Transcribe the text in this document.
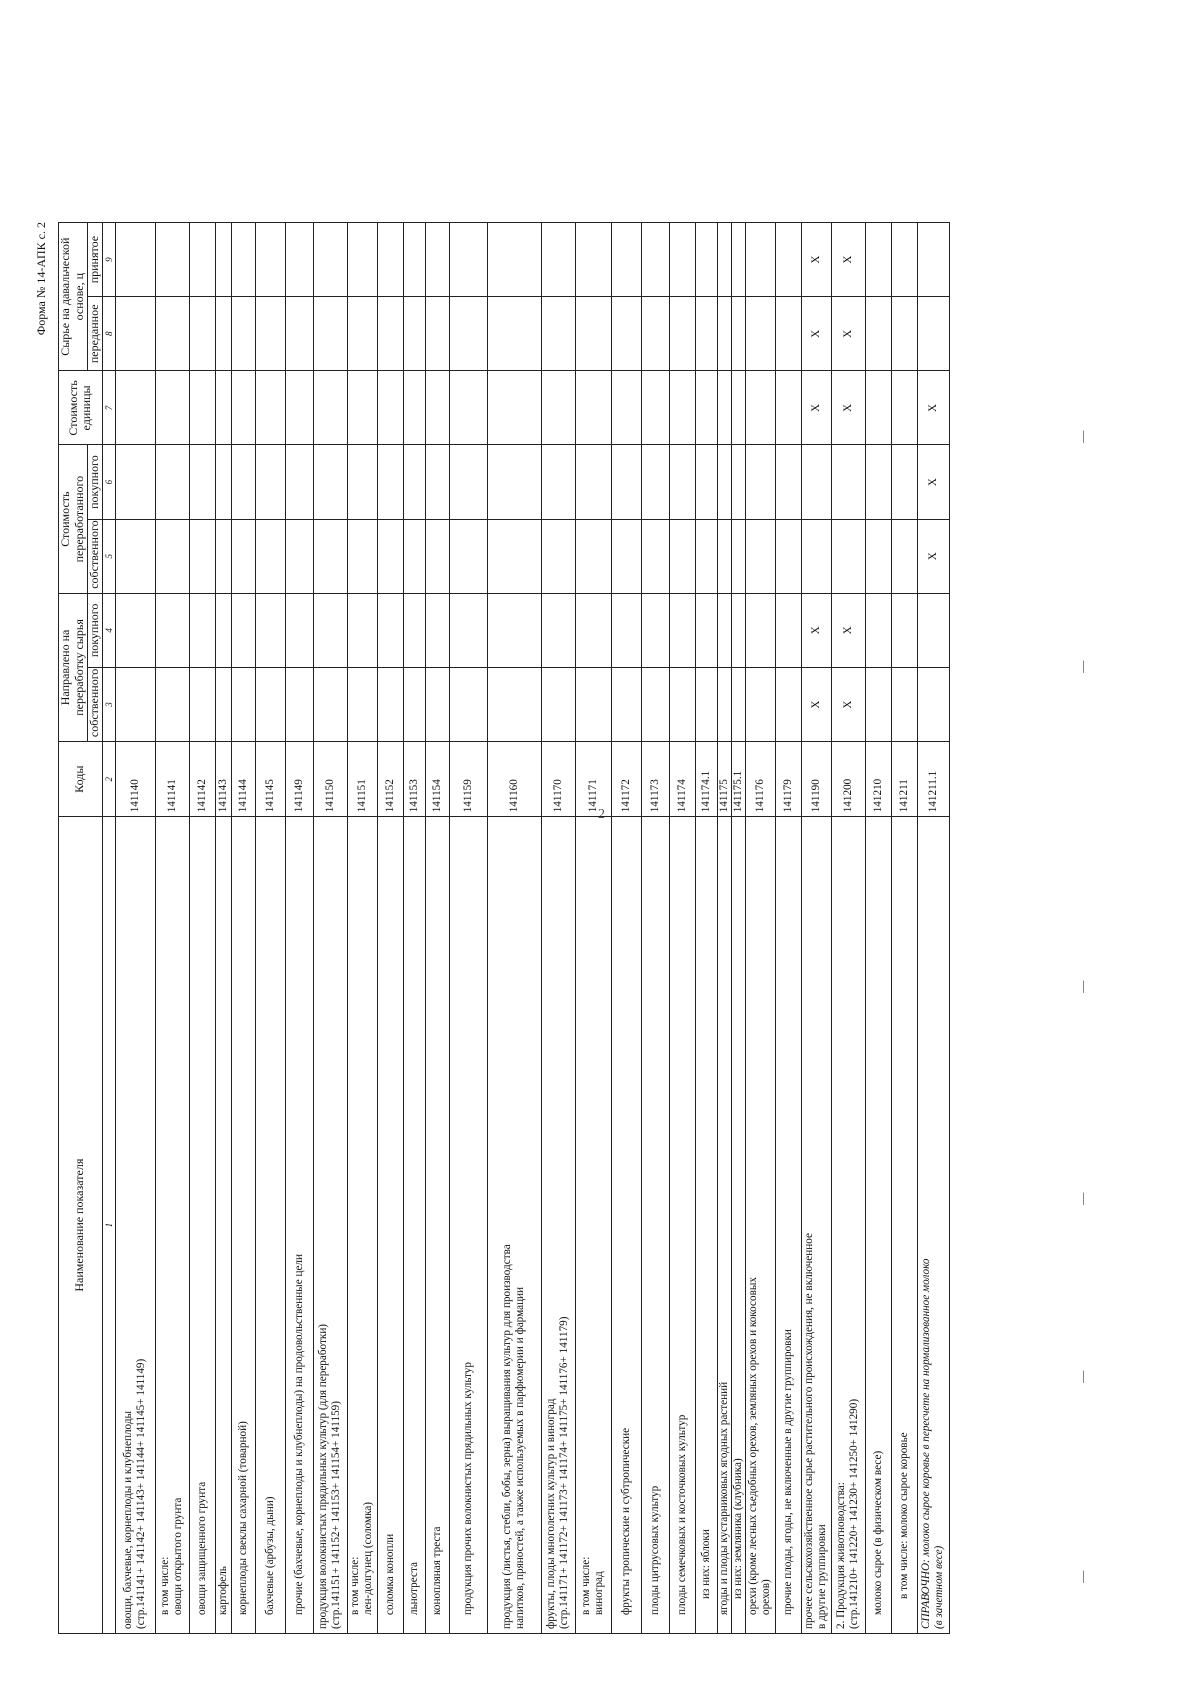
2
|
|
|
|
|
|
Форма № 14-АПК с. 2
Наименование показателя	Коды	Направлено на переработку сырья		Стоимость переработанного		Стоимость единицы	Сырье на давальческой основе, ц	
		собственного	покупного	собственного	покупного		переданное	принятое
1	2	3	4	5	6	7	8	9

овощи, бахчевые, корнеплоды и клубнеплоды (стр.141141+ 141142+ 141143+ 141144+ 141145+ 141149)	141140							

в том числе: овощи открытого грунта	141141							

овощи защищенного грунта	141142							

картофель	141143							

корнеплоды свеклы сахарной (товарной)	141144							

бахчевые (арбузы, дыни)	141145							

прочие (бахчевые, корнеплоды и клубнеплоды) на продовольственные цели	141149							

продукция волокнистых прядильных культур (для переработки) (стр.141151+ 141152+ 141153+ 141154+ 141159)	141150							

в том числе: лен-долгунец (соломка)	141151							

соломка конопли	141152							

льнотреста	141153							

конопляная треста	141154							

продукция прочих волокнистых прядильных культур	141159							

продукция (листья, стебли, бобы, зерна) выращивания культур для производства напитков, пряностей, а также используемых в парфюмерии и фармации	141160							

фрукты, плоды многолетних культур и виноград (стр.141171+ 141172+ 141173+ 141174+ 141175+ 141176+ 141179)	141170							

в том числе: виноград	141171							

фрукты тропические и субтропические	141172							

плоды цитрусовых культур	141173							

плоды семечковых и косточковых культур	141174							

из них: яблоки	141174.1							

ягоды и плоды кустарниковых ягодных растений	141175							

из них: земляника (клубника)	141175.1							

орехи (кроме лесных съедобных орехов, земляных орехов и кокосовых орехов)	141176							

прочие плоды, ягоды, не включенные в другие группировки	141179							

прочее сельскохозяйственное сырье растительного происхождения, не включенное в другие группировки	141190	X	X			X	X	X

2. Продукция животноводства: (стр.141210+ 141220+ 141230+ 141250+ 141290)	141200	X	X			X	X	X

молоко сырое (в физическом весе)	141210							

в том числе: молоко сырое коровье	141211							

СПРАВОЧНО: молоко сырое коровье в пересчете на нормализованное молоко (в зачетном весе)	141211.1			X	X	X		
